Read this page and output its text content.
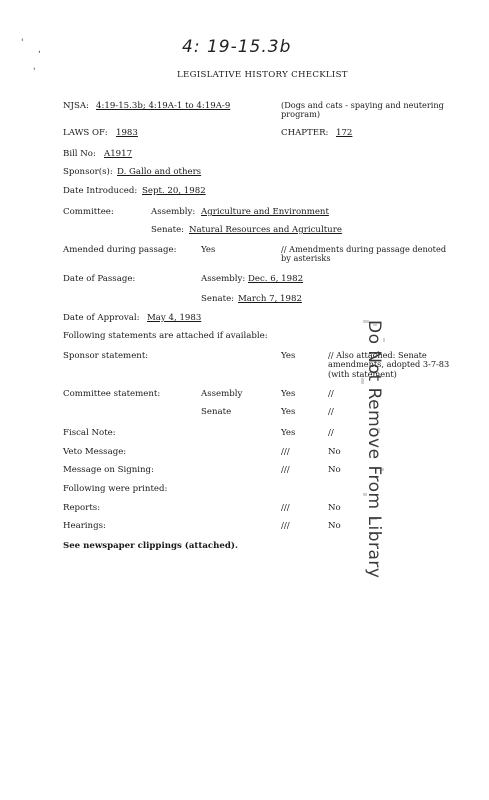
4: 19-15.3b
'
,
'	LEGISLATIVE HISTORY CHECKLIST
NJSA: 4:19-15.3b; 4:19A-1 to 4:19A-9	(Dogs and cats - spaying and neutering program)
LAWS OF: 1983	CHAPTER: 172
Bill No: A1917
Sponsor(s): D. Gallo and others
Date Introduced: Sept. 20, 1982
Committee:	Assembly: Agriculture and Environment
Senate: Natural Resources and Agriculture
Amended during passage:	Yes	// Amendments during passage denoted by asterisks
Date of Passage:	Assembly: Dec. 6, 1982
Senate: March 7, 1982
Date of Approval: May 4, 1983
Following statements are attached if available:
Sponsor statement:	Yes	// Also attached: Senate amendments, adopted 3-7-83 (with statement)
Committee statement:	Assembly	Yes	//
Senate	Yes	//
Fiscal Note:	Yes	//
Veto Message:	///	No
Message on Signing:	///	No
Following were printed:
Reports:	///	No
Hearings:	///	No
See newspaper clippings (attached).	Do Not Remove From Library
